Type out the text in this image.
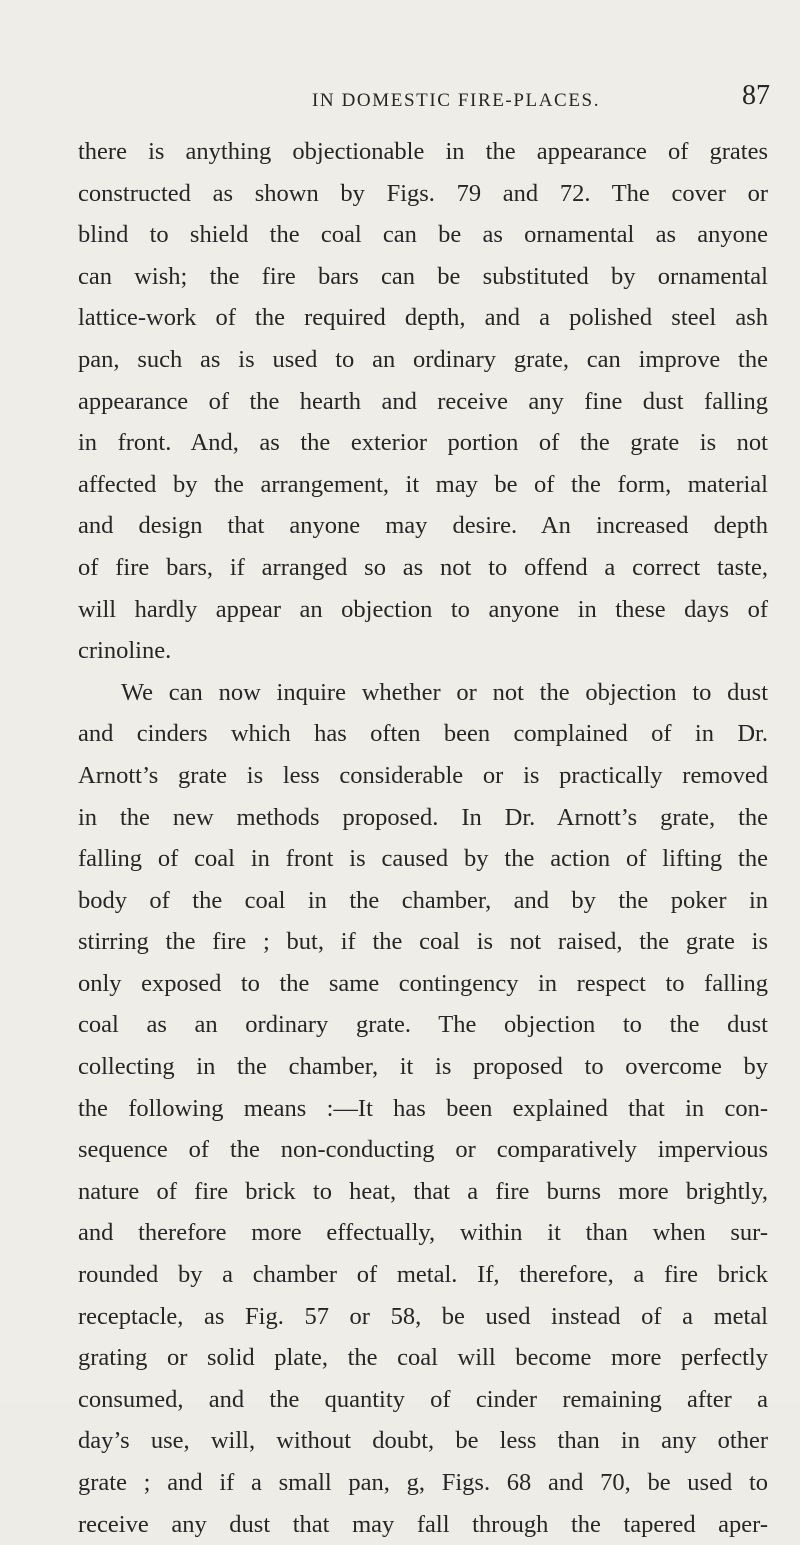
IN DOMESTIC FIRE-PLACES.	87
there is anything objectionable in the appearance of grates
constructed as shown by Figs. 79 and 72. The cover or
blind to shield the coal can be as ornamental as anyone
can wish; the fire bars can be substituted by ornamental
lattice-work of the required depth, and a polished steel ash
pan, such as is used to an ordinary grate, can improve the
appearance of the hearth and receive any fine dust falling
in front. And, as the exterior portion of the grate is not
affected by the arrangement, it may be of the form, material
and design that anyone may desire. An increased depth
of fire bars, if arranged so as not to offend a correct taste,
will hardly appear an objection to anyone in these days of
crinoline.
We can now inquire whether or not the objection to dust
and cinders which has often been complained of in Dr.
Arnott’s grate is less considerable or is practically removed
in the new methods proposed. In Dr. Arnott’s grate, the
falling of coal in front is caused by the action of lifting the
body of the coal in the chamber, and by the poker in
stirring the fire ; but, if the coal is not raised, the grate is
only exposed to the same contingency in respect to falling
coal as an ordinary grate. The objection to the dust
collecting in the chamber, it is proposed to overcome by
the following means :—It has been explained that in con-
sequence of the non-conducting or comparatively impervious
nature of fire brick to heat, that a fire burns more brightly,
and therefore more effectually, within it than when sur-
rounded by a chamber of metal. If, therefore, a fire brick
receptacle, as Fig. 57 or 58, be used instead of a metal
grating or solid plate, the coal will become more perfectly
consumed, and the quantity of cinder remaining after a
day’s use, will, without doubt, be less than in any other
grate ; and if a small pan, g, Figs. 68 and 70, be used to
receive any dust that may fall through the tapered aper-
